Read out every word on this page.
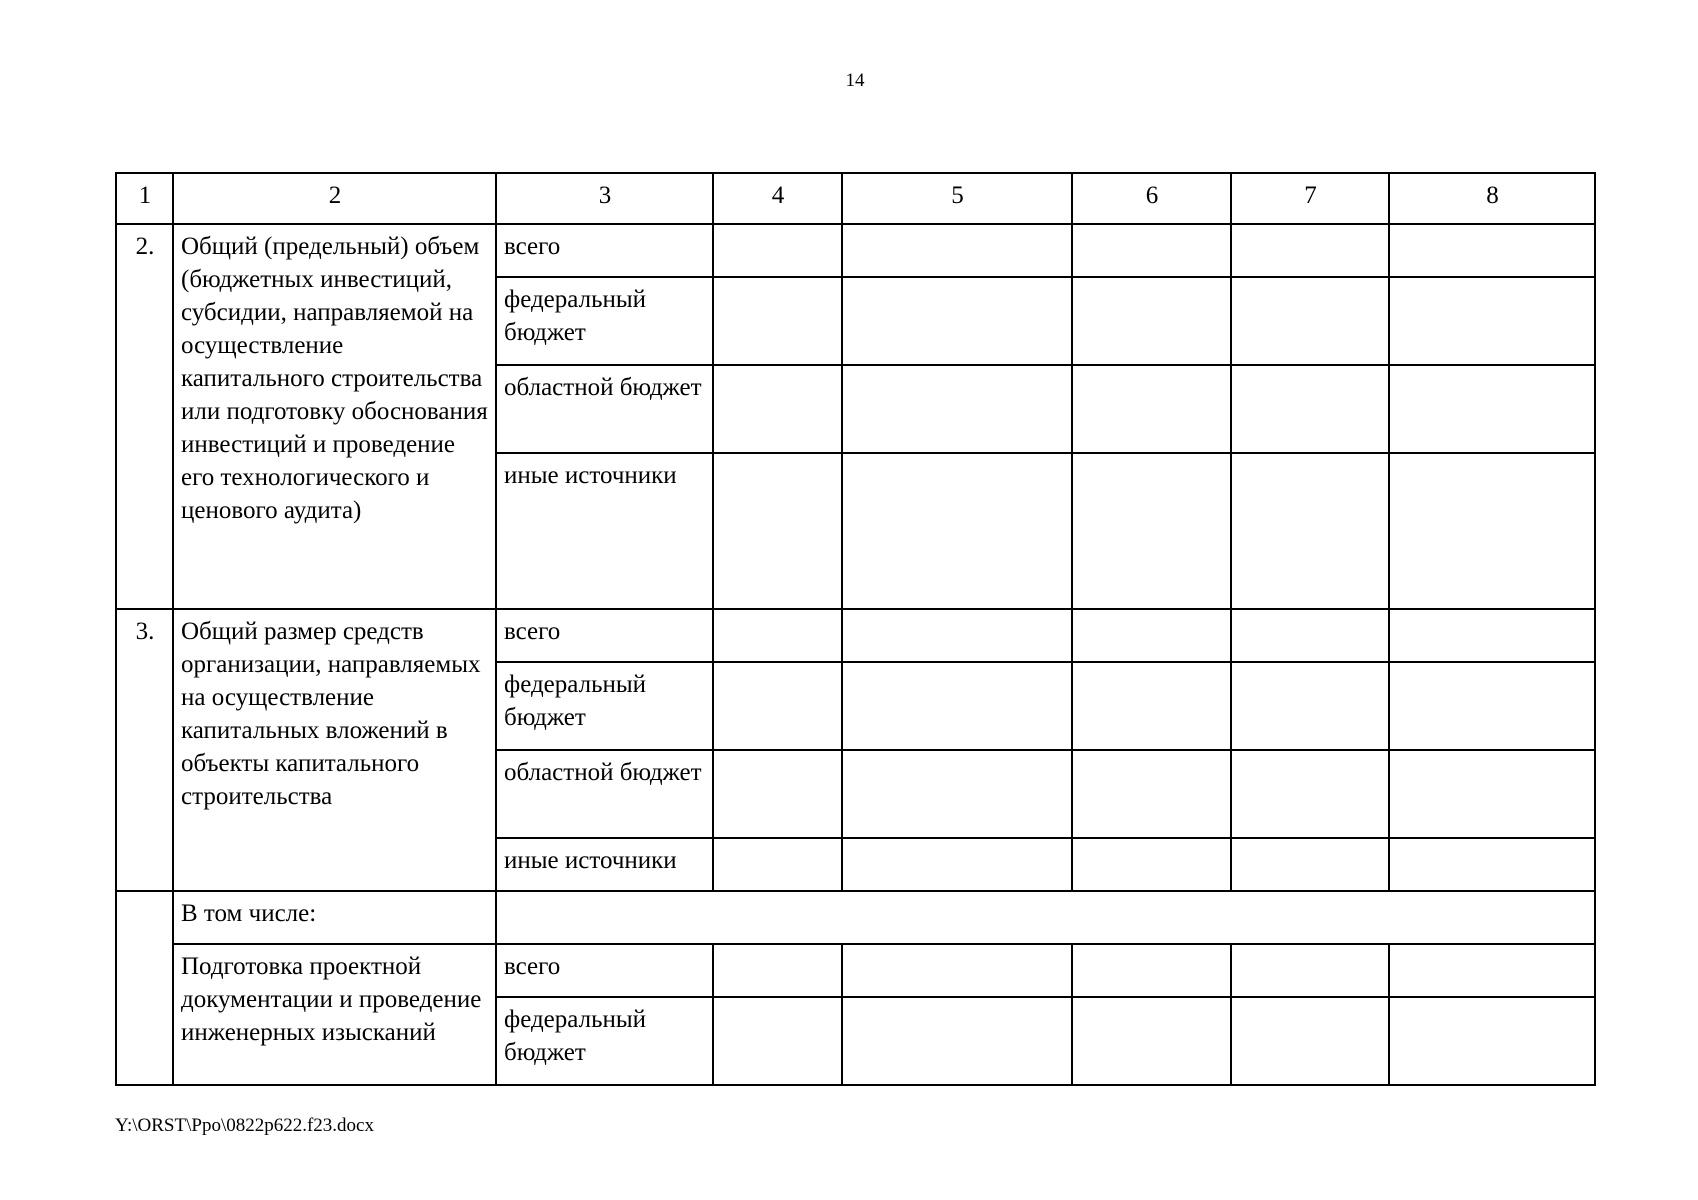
14
1	2	3	4	5	6	7	8
2.	Общий (предельный) объем (бюджетных инвестиций, субсидии, направляемой на осуществление капитального строительства или подготовку обоснования инвестиций и проведение его технологического и ценового аудита)	всего					
		федеральный бюджет					
		областной бюджет					
		иные источники					
3.	Общий размер средств организации, направляемых на осуществление капитальных вложений в объекты капитального строительства	всего					
		федеральный бюджет					
		областной бюджет					
		иные источники					
	В том числе:						
	Подготовка проектной документации и проведение инженерных изысканий	всего					
		федеральный бюджет					
Y:\ORST\Ppo\0822p622.f23.docx
